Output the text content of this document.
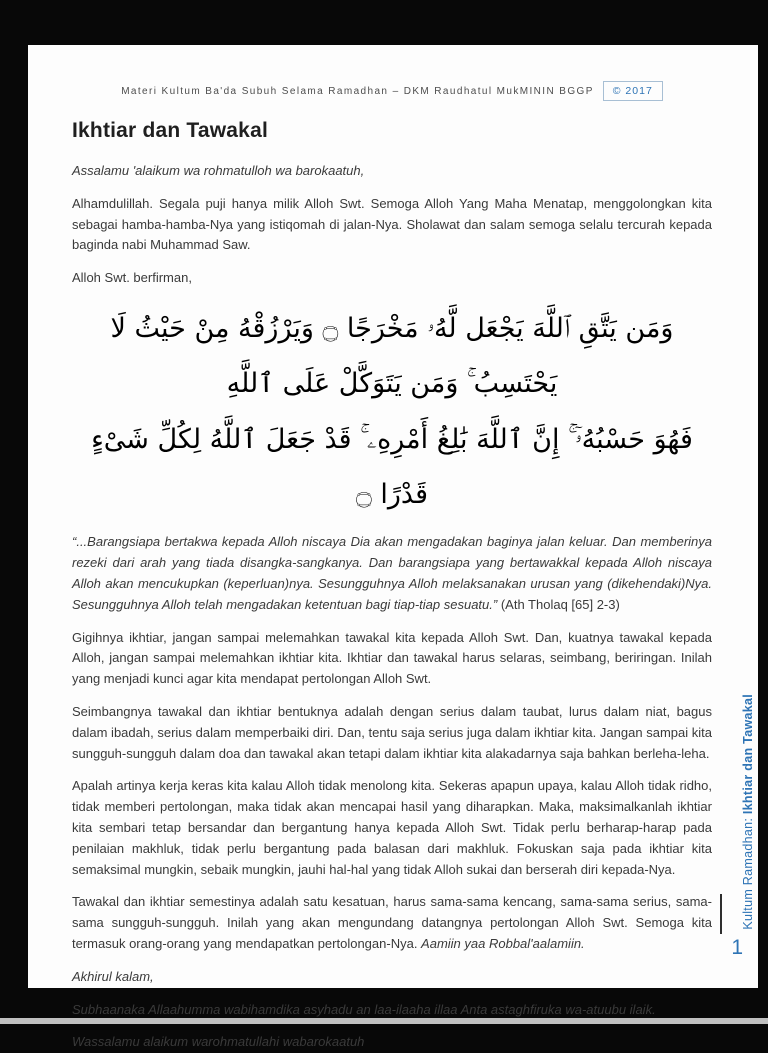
Materi Kultum Ba'da Subuh Selama Ramadhan – DKM Raudhatul MukMININ BGGP	© 2017
Ikhtiar dan Tawakal

Assalamu 'alaikum wa rohmatulloh wa barokaatuh,

Alhamdulillah. Segala puji hanya milik Alloh Swt. Semoga Alloh Yang Maha Menatap, menggolongkan kita sebagai hamba-hamba-Nya yang istiqomah di jalan-Nya. Sholawat dan salam semoga selalu tercurah kepada baginda nabi Muhammad Saw.

Alloh Swt. berfirman,

وَمَن يَتَّقِ ٱللَّهَ يَجْعَل لَّهُۥ مَخْرَجًا ۝ وَيَرْزُقْهُ مِنْ حَيْثُ لَا يَحْتَسِبُ ۚ وَمَن يَتَوَكَّلْ عَلَى ٱللَّهِ
فَهُوَ حَسْبُهُۥٓ ۚ إِنَّ ٱللَّهَ بَٰلِغُ أَمْرِهِۦ ۚ قَدْ جَعَلَ ٱللَّهُ لِكُلِّ شَىْءٍ قَدْرًا ۝

“...Barangsiapa bertakwa kepada Alloh niscaya Dia akan mengadakan baginya jalan keluar. Dan memberinya rezeki dari arah yang tiada disangka-sangkanya. Dan barangsiapa yang bertawakkal kepada Alloh niscaya Alloh akan mencukupkan (keperluan)nya. Sesungguhnya Alloh melaksanakan urusan yang (dikehendaki)Nya. Sesungguhnya Alloh telah mengadakan ketentuan bagi tiap-tiap sesuatu.” (Ath Tholaq [65] 2-3)

Gigihnya ikhtiar, jangan sampai melemahkan tawakal kita kepada Alloh Swt. Dan, kuatnya tawakal kepada Alloh, jangan sampai melemahkan ikhtiar kita. Ikhtiar dan tawakal harus selaras, seimbang, beriringan. Inilah yang menjadi kunci agar kita mendapat pertolongan Alloh Swt.

Seimbangnya tawakal dan ikhtiar bentuknya adalah dengan serius dalam taubat, lurus dalam niat, bagus dalam ibadah, serius dalam memperbaiki diri. Dan, tentu saja serius juga dalam ikhtiar kita. Jangan sampai kita sungguh-sungguh dalam doa dan tawakal akan tetapi dalam ikhtiar kita alakadarnya saja bahkan berleha-leha.

Apalah artinya kerja keras kita kalau Alloh tidak menolong kita. Sekeras apapun upaya, kalau Alloh tidak ridho, tidak memberi pertolongan, maka tidak akan mencapai hasil yang diharapkan. Maka, maksimalkanlah ikhtiar kita sembari tetap bersandar dan bergantung hanya kepada Alloh Swt. Tidak perlu berharap-harap pada penilaian makhluk, tidak perlu bergantung pada balasan dari makhluk. Fokuskan saja pada ikhtiar kita semaksimal mungkin, sebaik mungkin, jauhi hal-hal yang tidak Alloh sukai dan berserah diri kepada-Nya.

Tawakal dan ikhtiar semestinya adalah satu kesatuan, harus sama-sama kencang, sama-sama serius, sama-sama sungguh-sungguh. Inilah yang akan mengundang datangnya pertolongan Alloh Swt. Semoga kita termasuk orang-orang yang mendapatkan pertolongan-Nya. Aamiin yaa Robbal'aalamiin.

Akhirul kalam,

Subhaanaka Allaahumma wabihamdika asyhadu an laa-ilaaha illaa Anta astaghfiruka wa-atuubu ilaik.

Wassalamu alaikum warohmatullahi wabarokaatuh

Kultum Ramadhan: Ikhtiar dan Tawakal
1
